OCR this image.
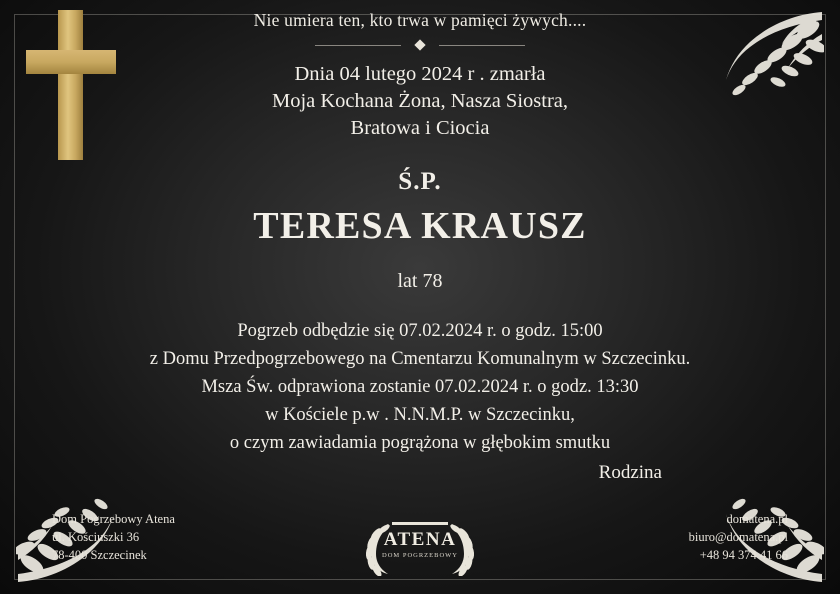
Nie umiera ten, kto trwa w pamięci żywych....
Dnia 04 lutego 2024 r . zmarła
Moja Kochana Żona, Nasza Siostra,
Bratowa i Ciocia
Ś.P.
TERESA KRAUSZ
lat 78
Pogrzeb odbędzie się 07.02.2024 r. o godz. 15:00
z Domu Przedpogrzebowego na Cmentarzu Komunalnym w Szczecinku.
Msza Św. odprawiona zostanie 07.02.2024 r. o godz. 13:30
w Kościele p.w . N.N.M.P. w Szczecinku,
o czym zawiadamia pogrążona w głębokim smutku
Rodzina
Dom Pogrzebowy Atena
ul. Kościuszki 36
78-400 Szczecinek
domatena.pl
biuro@domatena.pl
+48 94 374 41 66
ATENA
DOM POGRZEBOWY
